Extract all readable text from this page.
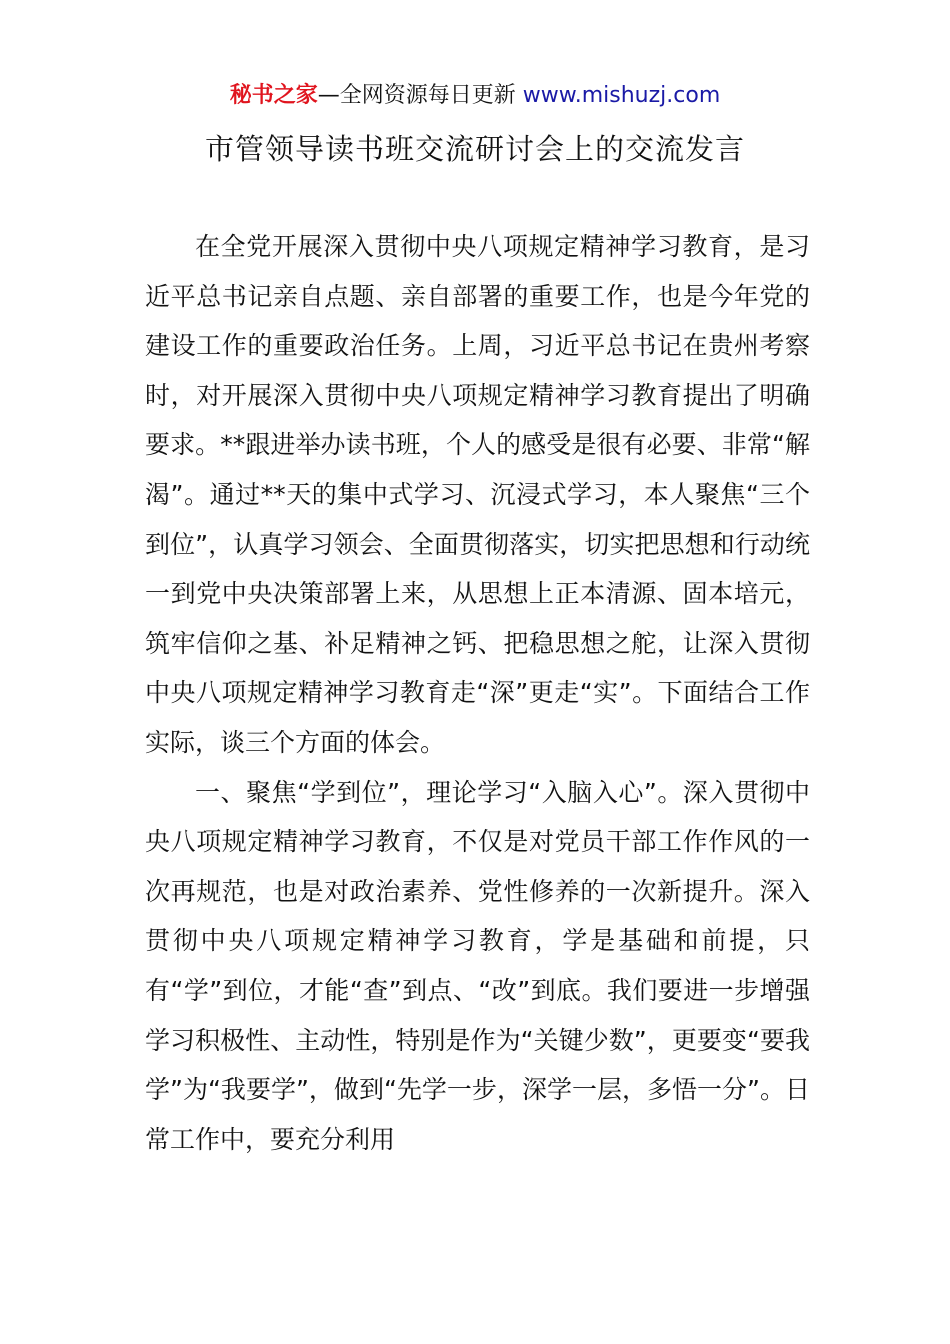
秘书之家—全网资源每日更新 www.mishuzj.com
市管领导读书班交流研讨会上的交流发言

在全党开展深入贯彻中央八项规定精神学习教育，是习近平总书记亲自点题、亲自部署的重要工作，也是今年党的建设工作的重要政治任务。上周，习近平总书记在贵州考察时，对开展深入贯彻中央八项规定精神学习教育提出了明确要求。**跟进举办读书班，个人的感受是很有必要、非常“解渴”。通过**天的集中式学习、沉浸式学习，本人聚焦“三个到位”，认真学习领会、全面贯彻落实，切实把思想和行动统一到党中央决策部署上来，从思想上正本清源、固本培元，筑牢信仰之基、补足精神之钙、把稳思想之舵，让深入贯彻中央八项规定精神学习教育走“深”更走“实”。下面结合工作实际，谈三个方面的体会。

一、聚焦“学到位”，理论学习“入脑入心”。深入贯彻中央八项规定精神学习教育，不仅是对党员干部工作作风的一次再规范，也是对政治素养、党性修养的一次新提升。深入贯彻中央八项规定精神学习教育，学是基础和前提，只有“学”到位，才能“查”到点、“改”到底。我们要进一步增强学习积极性、主动性，特别是作为“关键少数”，更要变“要我学”为“我要学”，做到“先学一步，深学一层，多悟一分”。日常工作中，要充分利用
